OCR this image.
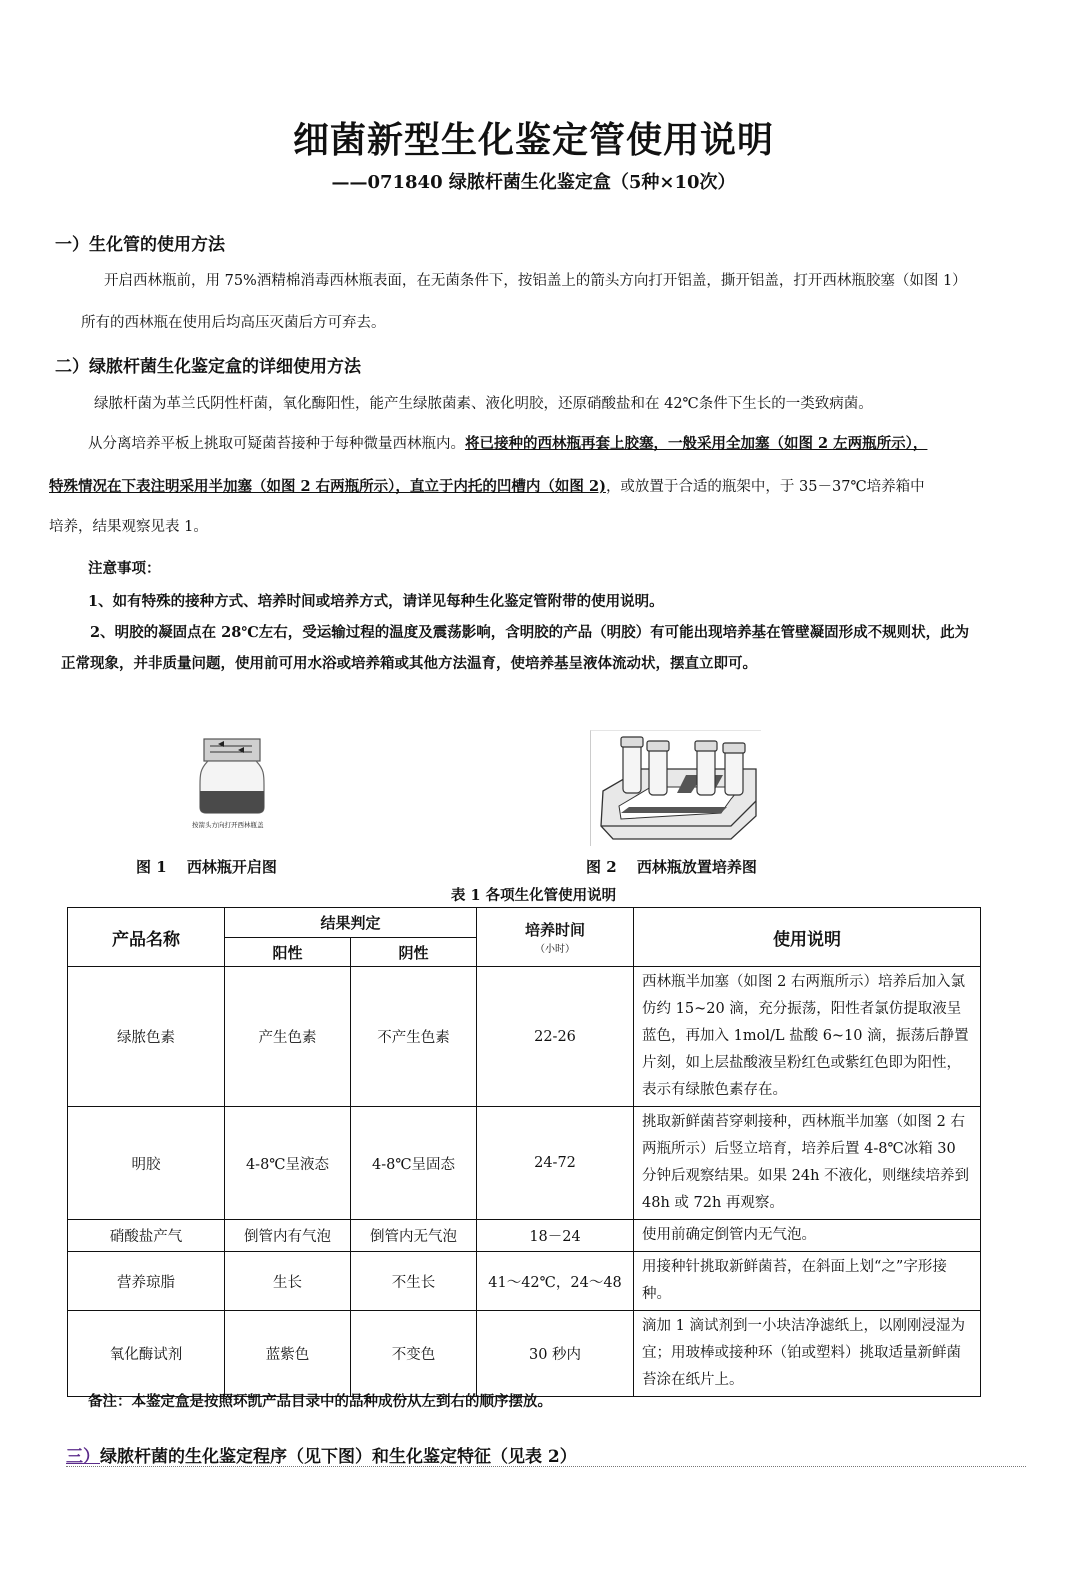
细菌新型生化鉴定管使用说明
——071840 绿脓杆菌生化鉴定盒（5种×10次）
一）生化管的使用方法
开启西林瓶前，用 75%酒精棉消毒西林瓶表面，在无菌条件下，按铝盖上的箭头方向打开铝盖，撕开铝盖，打开西林瓶胶塞（如图 1）
所有的西林瓶在使用后均高压灭菌后方可弃去。
二）绿脓杆菌生化鉴定盒的详细使用方法
绿脓杆菌为革兰氏阴性杆菌，氧化酶阳性，能产生绿脓菌素、液化明胶，还原硝酸盐和在 42℃条件下生长的一类致病菌。
从分离培养平板上挑取可疑菌苔接种于每种微量西林瓶内。将已接种的西林瓶再套上胶塞，一般采用全加塞（如图 2 左两瓶所示），
特殊情况在下表注明采用半加塞（如图 2 右两瓶所示），直立于内托的凹槽内（如图 2)，或放置于合适的瓶架中，于 35－37℃培养箱中
培养，结果观察见表 1。
注意事项：
1、如有特殊的接种方式、培养时间或培养方式，请详见每种生化鉴定管附带的使用说明。
2、明胶的凝固点在 28℃左右，受运输过程的温度及震荡影响，含明胶的产品（明胶）有可能出现培养基在管壁凝固形成不规则状，此为
正常现象，并非质量问题，使用前可用水浴或培养箱或其他方法温育，使培养基呈液体流动状，摆直立即可。
按箭头方向打开西林瓶盖
图 1　 西林瓶开启图	图 2　 西林瓶放置培养图
表 1 各项生化管使用说明
产品名称	结果判定		培养时间
（小时）	使用说明
	阳性	阴性		
绿脓色素	产生色素	不产生色素	22-26	西林瓶半加塞（如图 2 右两瓶所示）培养后加入氯仿约 15~20 滴，充分振荡，阳性者氯仿提取液呈蓝色，再加入 1mol/L 盐酸 6~10 滴，振荡后静置片刻，如上层盐酸液呈粉红色或紫红色即为阳性，表示有绿脓色素存在。
明胶	4-8℃呈液态	4-8℃呈固态	24-72	挑取新鲜菌苔穿刺接种，西林瓶半加塞（如图 2 右两瓶所示）后竖立培育，培养后置 4-8℃冰箱 30 分钟后观察结果。如果 24h 不液化，则继续培养到 48h 或 72h 再观察。
硝酸盐产气	倒管内有气泡	倒管内无气泡	18－24	使用前确定倒管内无气泡。
营养琼脂	生长	不生长	41～42℃，24～48	用接种针挑取新鲜菌苔，在斜面上划“之”字形接种。
氧化酶试剂	蓝紫色	不变色	30 秒内	滴加 1 滴试剂到一小块洁净滤纸上，以刚刚浸湿为宜；用玻棒或接种环（铂或塑料）挑取适量新鲜菌苔涂在纸片上。
备注：本鉴定盒是按照环凯产品目录中的品种成份从左到右的顺序摆放。
三）绿脓杆菌的生化鉴定程序（见下图）和生化鉴定特征（见表 2）
